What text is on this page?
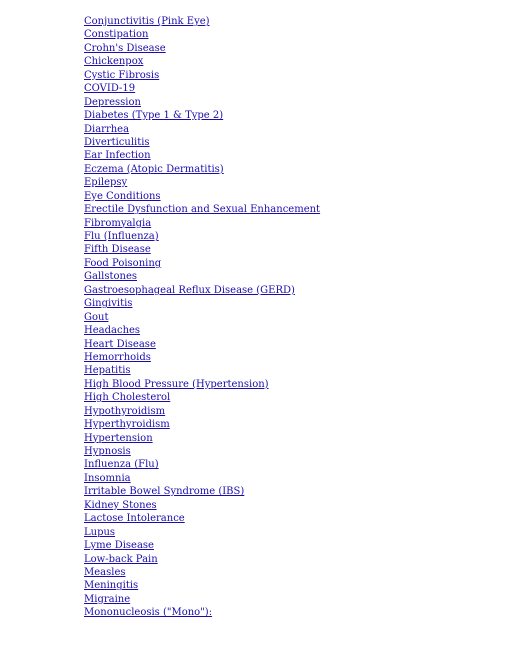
Conjunctivitis (Pink Eye)
Constipation
Crohn's Disease
Chickenpox
Cystic Fibrosis
COVID-19
Depression
Diabetes (Type 1 & Type 2)
Diarrhea
Diverticulitis
Ear Infection
Eczema (Atopic Dermatitis)
Epilepsy
Eye Conditions
Erectile Dysfunction and Sexual Enhancement
Fibromyalgia
Flu (Influenza)
Fifth Disease
Food Poisoning
Gallstones
Gastroesophageal Reflux Disease (GERD)
Gingivitis
Gout
Headaches
Heart Disease
Hemorrhoids
Hepatitis
High Blood Pressure (Hypertension)
High Cholesterol
Hypothyroidism
Hyperthyroidism
Hypertension
Hypnosis
Influenza (Flu)
Insomnia
Irritable Bowel Syndrome (IBS)
Kidney Stones
Lactose Intolerance
Lupus
Lyme Disease
Low-back Pain
Measles
Meningitis
Migraine
Mononucleosis ("Mono"):
